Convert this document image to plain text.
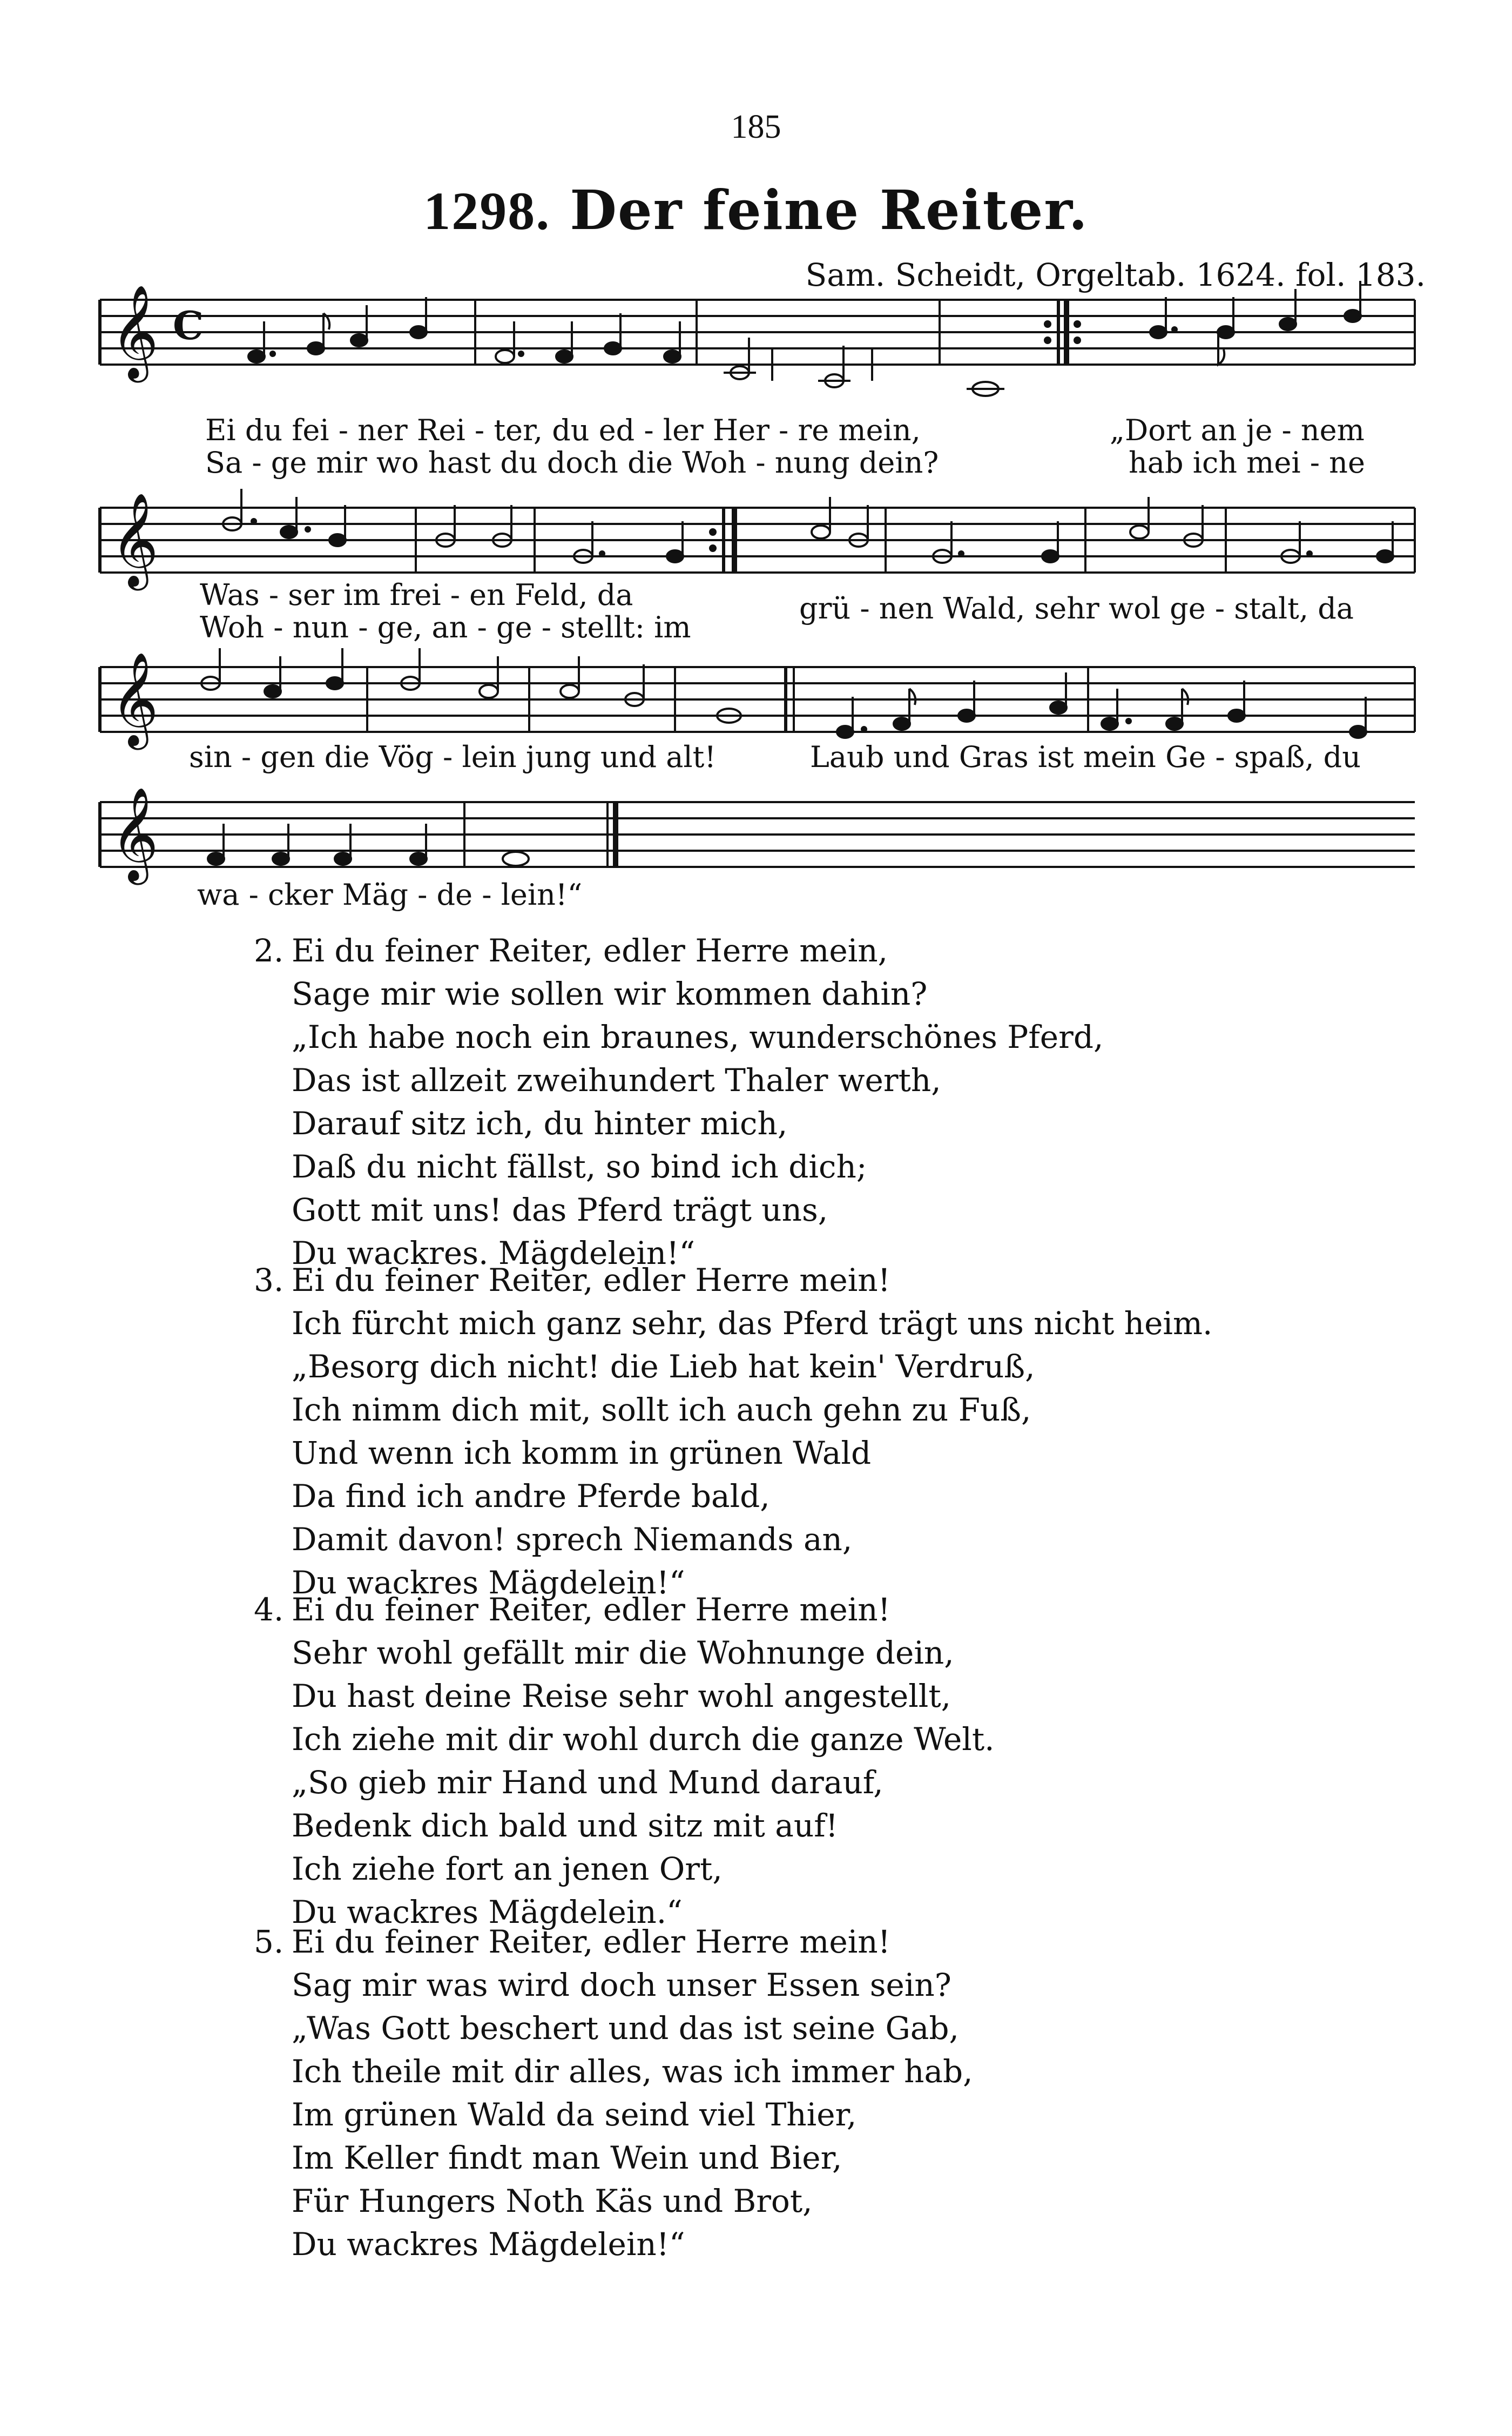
185
1298. Der feine Reiter.
Sam. Scheidt, Orgeltab. 1624. fol. 183.
𝄞
𝄞
𝄞
𝄞
C
Ei du fei - ner Rei - ter, du ed - ler Her - re mein,
Sa - ge mir wo hast du doch die Woh - nung dein?
„Dort an je - nem
hab ich mei - ne
Was - ser im frei - en Feld, da
Woh - nun - ge, an - ge - stellt: im
grü - nen Wald, sehr wol ge - stalt, da
sin - gen die Vög - lein jung und alt!	Laub und Gras ist mein Ge - spaß, du
wa - cker Mäg - de - lein!“
2. Ei du feiner Reiter, edler Herre mein,
Sage mir wie sollen wir kommen dahin?
„Ich habe noch ein braunes, wunderschönes Pferd,
Das ist allzeit zweihundert Thaler werth,
Darauf sitz ich, du hinter mich,
Daß du nicht fällst, so bind ich dich;
Gott mit uns! das Pferd trägt uns,
Du wackres. Mägdelein!“
3. Ei du feiner Reiter, edler Herre mein!
Ich fürcht mich ganz sehr, das Pferd trägt uns nicht heim.
„Besorg dich nicht! die Lieb hat kein' Verdruß,
Ich nimm dich mit, sollt ich auch gehn zu Fuß,
Und wenn ich komm in grünen Wald
Da find ich andre Pferde bald,
Damit davon! sprech Niemands an,
Du wackres Mägdelein!“
4. Ei du feiner Reiter, edler Herre mein!
Sehr wohl gefällt mir die Wohnunge dein,
Du hast deine Reise sehr wohl angestellt,
Ich ziehe mit dir wohl durch die ganze Welt.
„So gieb mir Hand und Mund darauf,
Bedenk dich bald und sitz mit auf!
Ich ziehe fort an jenen Ort,
Du wackres Mägdelein.“
5. Ei du feiner Reiter, edler Herre mein!
Sag mir was wird doch unser Essen sein?
„Was Gott beschert und das ist seine Gab,
Ich theile mit dir alles, was ich immer hab,
Im grünen Wald da seind viel Thier,
Im Keller findt man Wein und Bier,
Für Hungers Noth Käs und Brot,
Du wackres Mägdelein!“
